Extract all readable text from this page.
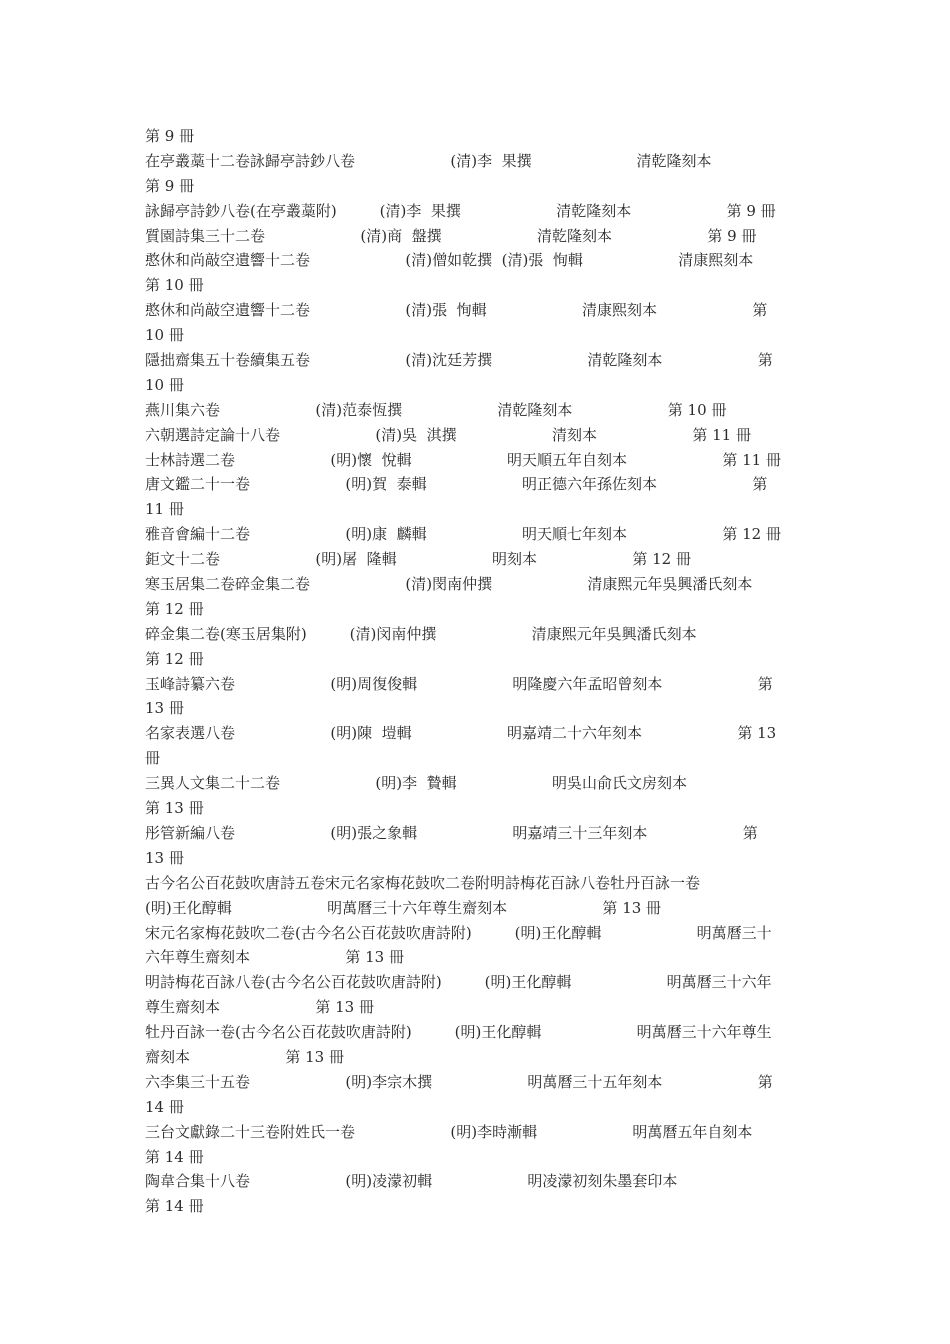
第 9 冊
在亭叢藁十二卷詠歸亭詩鈔八卷                    (清)李  果撰                      清乾隆刻本
第 9 冊
詠歸亭詩鈔八卷(在亭叢藁附)         (清)李  果撰                    清乾隆刻本                    第 9 冊
質園詩集三十二卷                    (清)商  盤撰                    清乾隆刻本                    第 9 冊
憨休和尚敲空遺響十二卷                    (清)僧如乾撰  (清)張  恂輯                    清康熙刻本
第 10 冊
憨休和尚敲空遺響十二卷                    (清)張  恂輯                    清康熙刻本                    第
10 冊
隱拙齋集五十卷續集五卷                    (清)沈廷芳撰                    清乾隆刻本                    第
10 冊
燕川集六卷                    (清)范泰恆撰                    清乾隆刻本                    第 10 冊
六朝選詩定論十八卷                    (清)吳  淇撰                    清刻本                    第 11 冊
士林詩選二卷                    (明)懷  悅輯                    明天順五年自刻本                    第 11 冊
唐文鑑二十一卷                    (明)賀  泰輯                    明正德六年孫佐刻本                    第
11 冊
雅音會編十二卷                    (明)康  麟輯                    明天順七年刻本                    第 12 冊
鉅文十二卷                    (明)屠  隆輯                    明刻本                    第 12 冊
寒玉居集二卷碎金集二卷                    (清)閔南仲撰                    清康熙元年吳興潘氏刻本
第 12 冊
碎金集二卷(寒玉居集附)         (清)闵南仲撰                    清康熙元年吳興潘氏刻本
第 12 冊
玉峰詩纂六卷                    (明)周復俊輯                    明隆慶六年孟昭曾刻本                    第
13 冊
名家表選八卷                    (明)陳  塏輯                    明嘉靖二十六年刻本                    第 13
冊
三異人文集二十二卷                    (明)李  贄輯                    明吳山俞氏文房刻本
第 13 冊
彤管新編八卷                    (明)張之象輯                    明嘉靖三十三年刻本                    第
13 冊
古今名公百花鼓吹唐詩五卷宋元名家梅花鼓吹二卷附明詩梅花百詠八卷牡丹百詠一卷
(明)王化醇輯                    明萬曆三十六年尊生齋刻本                    第 13 冊
宋元名家梅花鼓吹二卷(古今名公百花鼓吹唐詩附)         (明)王化醇輯                    明萬曆三十
六年尊生齋刻本                    第 13 冊
明詩梅花百詠八卷(古今名公百花鼓吹唐詩附)         (明)王化醇輯                    明萬曆三十六年
尊生齋刻本                    第 13 冊
牡丹百詠一卷(古今名公百花鼓吹唐詩附)         (明)王化醇輯                    明萬曆三十六年尊生
齋刻本                    第 13 冊
六李集三十五卷                    (明)李宗木撰                    明萬曆三十五年刻本                    第
14 冊
三台文獻錄二十三卷附姓氏一卷                    (明)李時漸輯                    明萬曆五年自刻本
第 14 冊
陶韋合集十八卷                    (明)凌濛初輯                    明凌濛初刻朱墨套印本
第 14 冊
